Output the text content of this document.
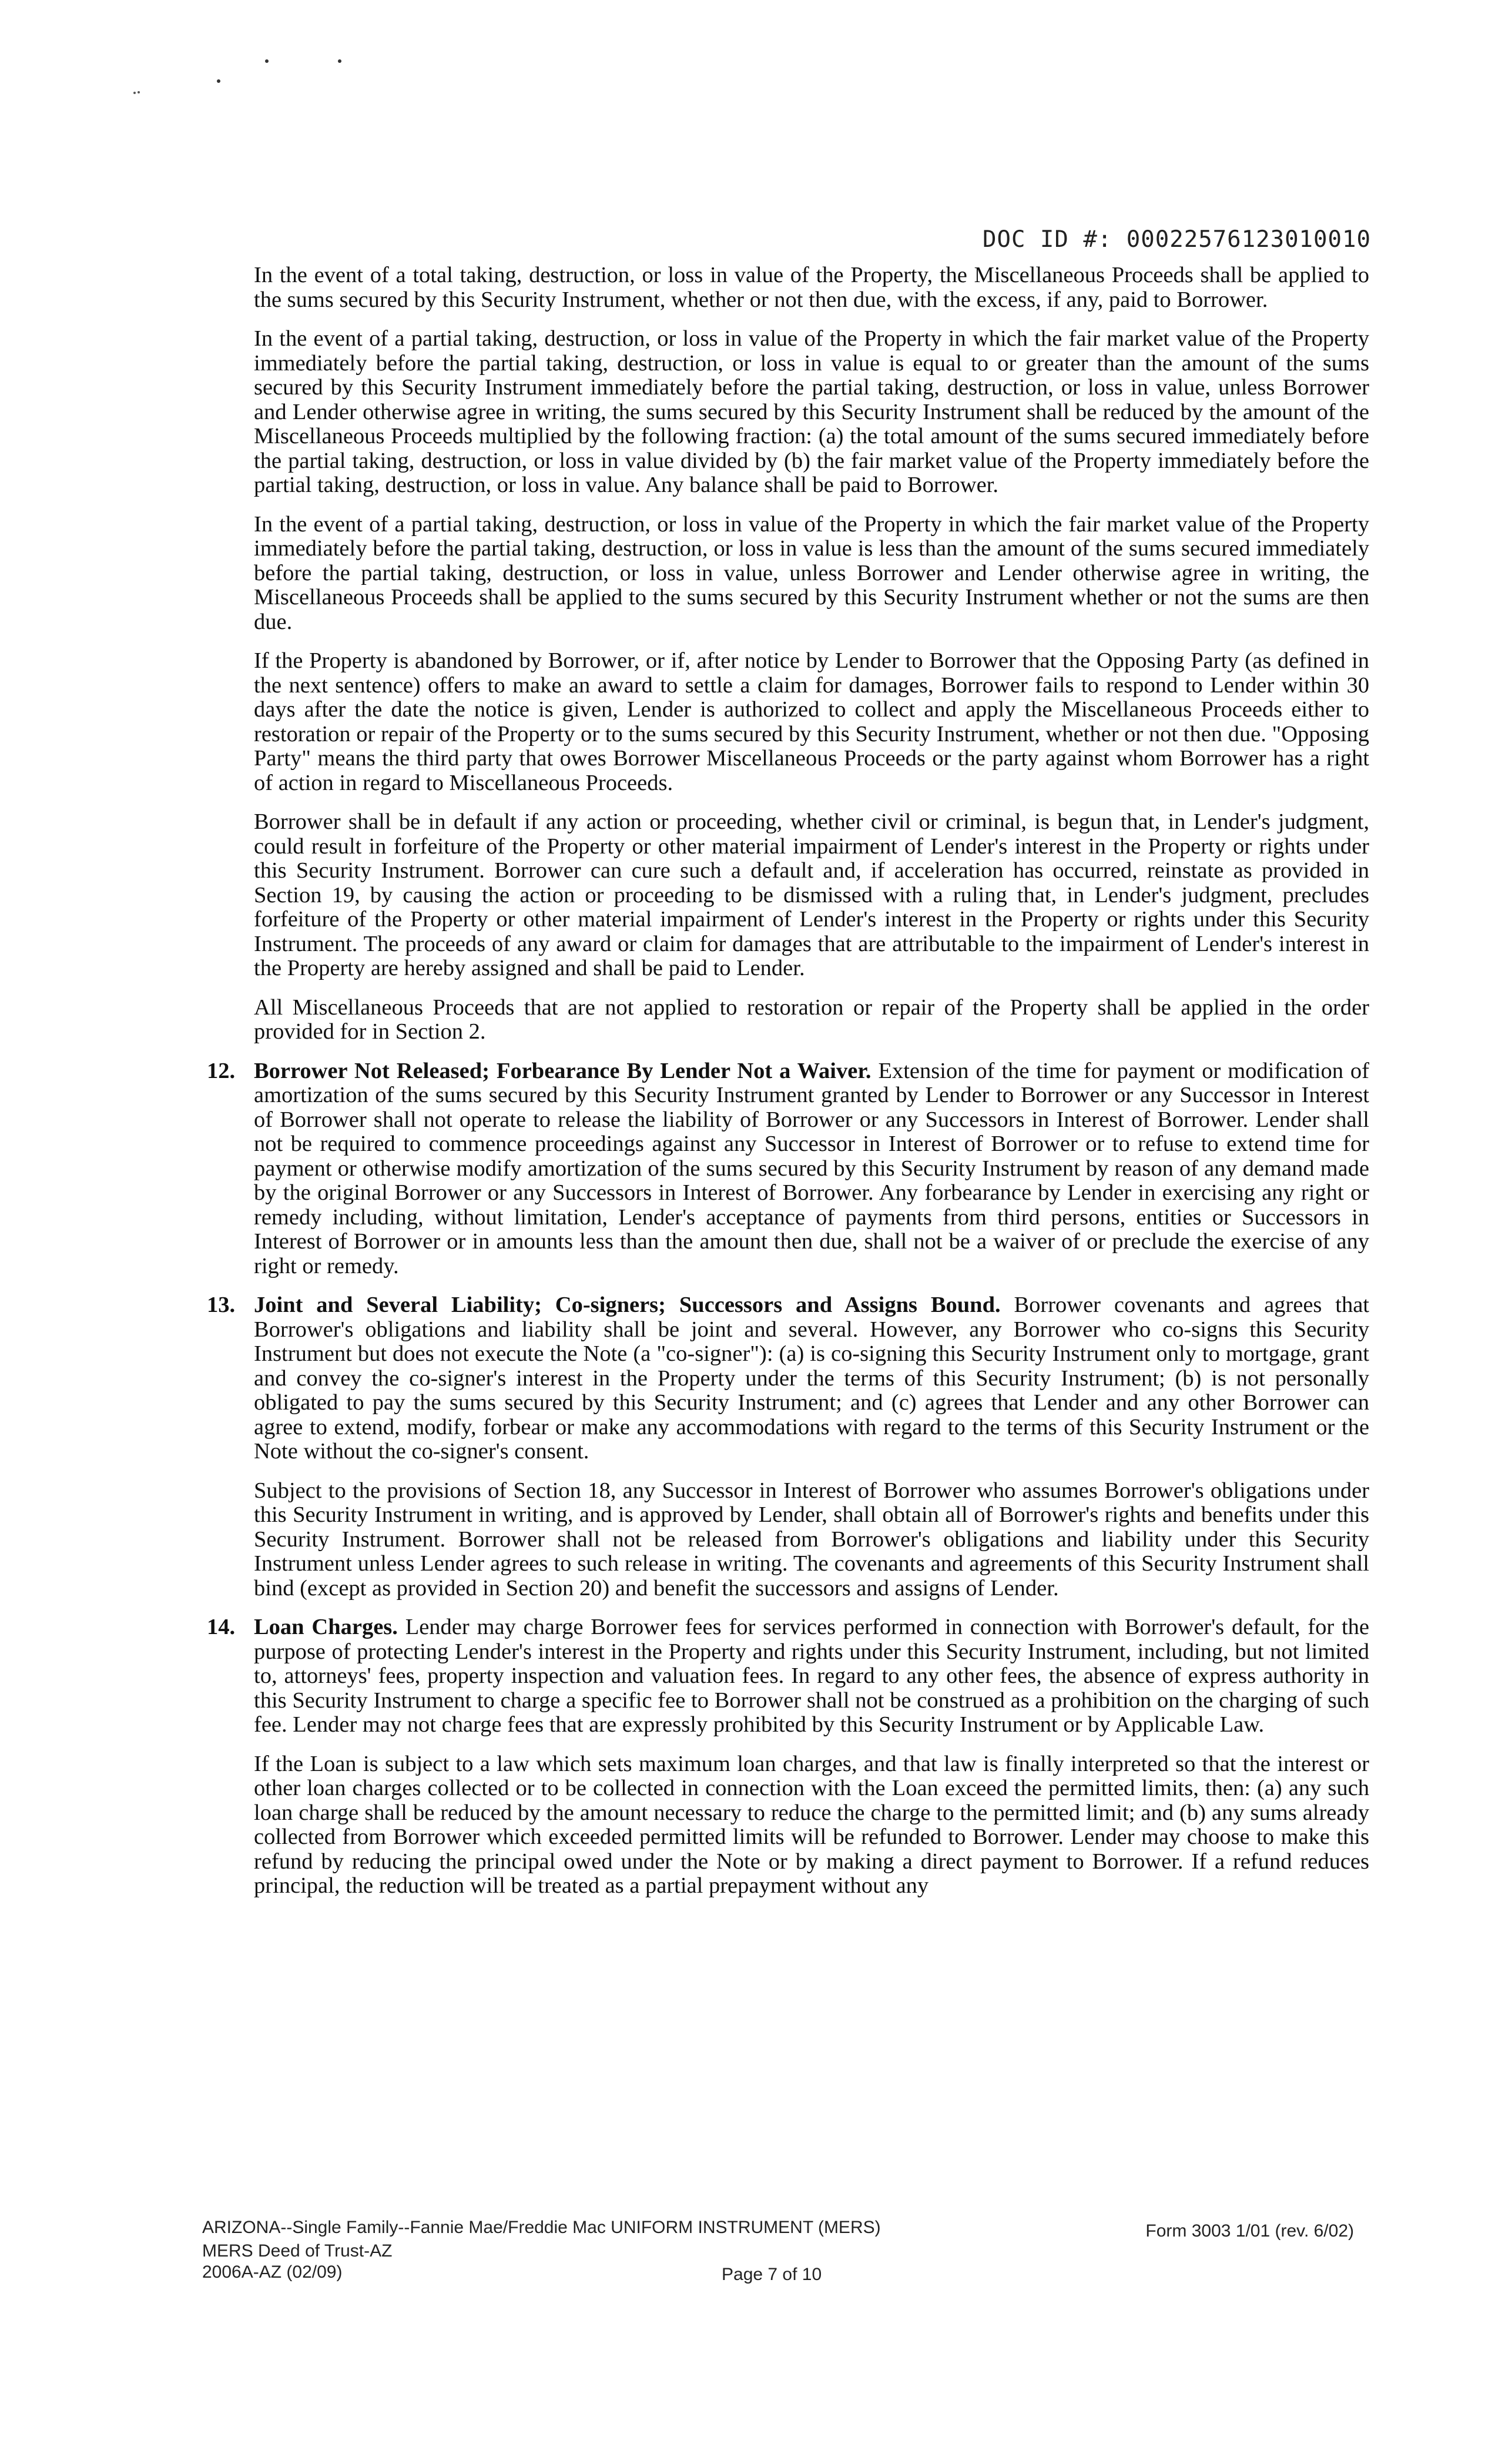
DOC ID #: 00022576123010010

In the event of a total taking, destruction, or loss in value of the Property, the Miscellaneous Proceeds shall be applied to the sums secured by this Security Instrument, whether or not then due, with the excess, if any, paid to Borrower.

In the event of a partial taking, destruction, or loss in value of the Property in which the fair market value of the Property immediately before the partial taking, destruction, or loss in value is equal to or greater than the amount of the sums secured by this Security Instrument immediately before the partial taking, destruction, or loss in value, unless Borrower and Lender otherwise agree in writing, the sums secured by this Security Instrument shall be reduced by the amount of the Miscellaneous Proceeds multiplied by the following fraction: (a) the total amount of the sums secured immediately before the partial taking, destruction, or loss in value divided by (b) the fair market value of the Property immediately before the partial taking, destruction, or loss in value. Any balance shall be paid to Borrower.

In the event of a partial taking, destruction, or loss in value of the Property in which the fair market value of the Property immediately before the partial taking, destruction, or loss in value is less than the amount of the sums secured immediately before the partial taking, destruction, or loss in value, unless Borrower and Lender otherwise agree in writing, the Miscellaneous Proceeds shall be applied to the sums secured by this Security Instrument whether or not the sums are then due.

If the Property is abandoned by Borrower, or if, after notice by Lender to Borrower that the Opposing Party (as defined in the next sentence) offers to make an award to settle a claim for damages, Borrower fails to respond to Lender within 30 days after the date the notice is given, Lender is authorized to collect and apply the Miscellaneous Proceeds either to restoration or repair of the Property or to the sums secured by this Security Instrument, whether or not then due. "Opposing Party" means the third party that owes Borrower Miscellaneous Proceeds or the party against whom Borrower has a right of action in regard to Miscellaneous Proceeds.

Borrower shall be in default if any action or proceeding, whether civil or criminal, is begun that, in Lender's judgment, could result in forfeiture of the Property or other material impairment of Lender's interest in the Property or rights under this Security Instrument. Borrower can cure such a default and, if acceleration has occurred, reinstate as provided in Section 19, by causing the action or proceeding to be dismissed with a ruling that, in Lender's judgment, precludes forfeiture of the Property or other material impairment of Lender's interest in the Property or rights under this Security Instrument. The proceeds of any award or claim for damages that are attributable to the impairment of Lender's interest in the Property are hereby assigned and shall be paid to Lender.

All Miscellaneous Proceeds that are not applied to restoration or repair of the Property shall be applied in the order provided for in Section 2.

12. Borrower Not Released; Forbearance By Lender Not a Waiver. Extension of the time for payment or modification of amortization of the sums secured by this Security Instrument granted by Lender to Borrower or any Successor in Interest of Borrower shall not operate to release the liability of Borrower or any Successors in Interest of Borrower. Lender shall not be required to commence proceedings against any Successor in Interest of Borrower or to refuse to extend time for payment or otherwise modify amortization of the sums secured by this Security Instrument by reason of any demand made by the original Borrower or any Successors in Interest of Borrower. Any forbearance by Lender in exercising any right or remedy including, without limitation, Lender's acceptance of payments from third persons, entities or Successors in Interest of Borrower or in amounts less than the amount then due, shall not be a waiver of or preclude the exercise of any right or remedy.
13. Joint and Several Liability; Co-signers; Successors and Assigns Bound. Borrower covenants and agrees that Borrower's obligations and liability shall be joint and several. However, any Borrower who co-signs this Security Instrument but does not execute the Note (a "co-signer"): (a) is co-signing this Security Instrument only to mortgage, grant and convey the co-signer's interest in the Property under the terms of this Security Instrument; (b) is not personally obligated to pay the sums secured by this Security Instrument; and (c) agrees that Lender and any other Borrower can agree to extend, modify, forbear or make any accommodations with regard to the terms of this Security Instrument or the Note without the co-signer's consent.

Subject to the provisions of Section 18, any Successor in Interest of Borrower who assumes Borrower's obligations under this Security Instrument in writing, and is approved by Lender, shall obtain all of Borrower's rights and benefits under this Security Instrument. Borrower shall not be released from Borrower's obligations and liability under this Security Instrument unless Lender agrees to such release in writing. The covenants and agreements of this Security Instrument shall bind (except as provided in Section 20) and benefit the successors and assigns of Lender.

14. Loan Charges. Lender may charge Borrower fees for services performed in connection with Borrower's default, for the purpose of protecting Lender's interest in the Property and rights under this Security Instrument, including, but not limited to, attorneys' fees, property inspection and valuation fees. In regard to any other fees, the absence of express authority in this Security Instrument to charge a specific fee to Borrower shall not be construed as a prohibition on the charging of such fee. Lender may not charge fees that are expressly prohibited by this Security Instrument or by Applicable Law.

If the Loan is subject to a law which sets maximum loan charges, and that law is finally interpreted so that the interest or other loan charges collected or to be collected in connection with the Loan exceed the permitted limits, then: (a) any such loan charge shall be reduced by the amount necessary to reduce the charge to the permitted limit; and (b) any sums already collected from Borrower which exceeded permitted limits will be refunded to Borrower. Lender may choose to make this refund by reducing the principal owed under the Note or by making a direct payment to Borrower. If a refund reduces principal, the reduction will be treated as a partial prepayment without any

ARIZONA--Single Family--Fannie Mae/Freddie Mac UNIFORM INSTRUMENT (MERS)
MERS Deed of Trust-AZ
2006A-AZ (02/09)
Form 3003 1/01 (rev. 6/02)
Page 7 of 10
